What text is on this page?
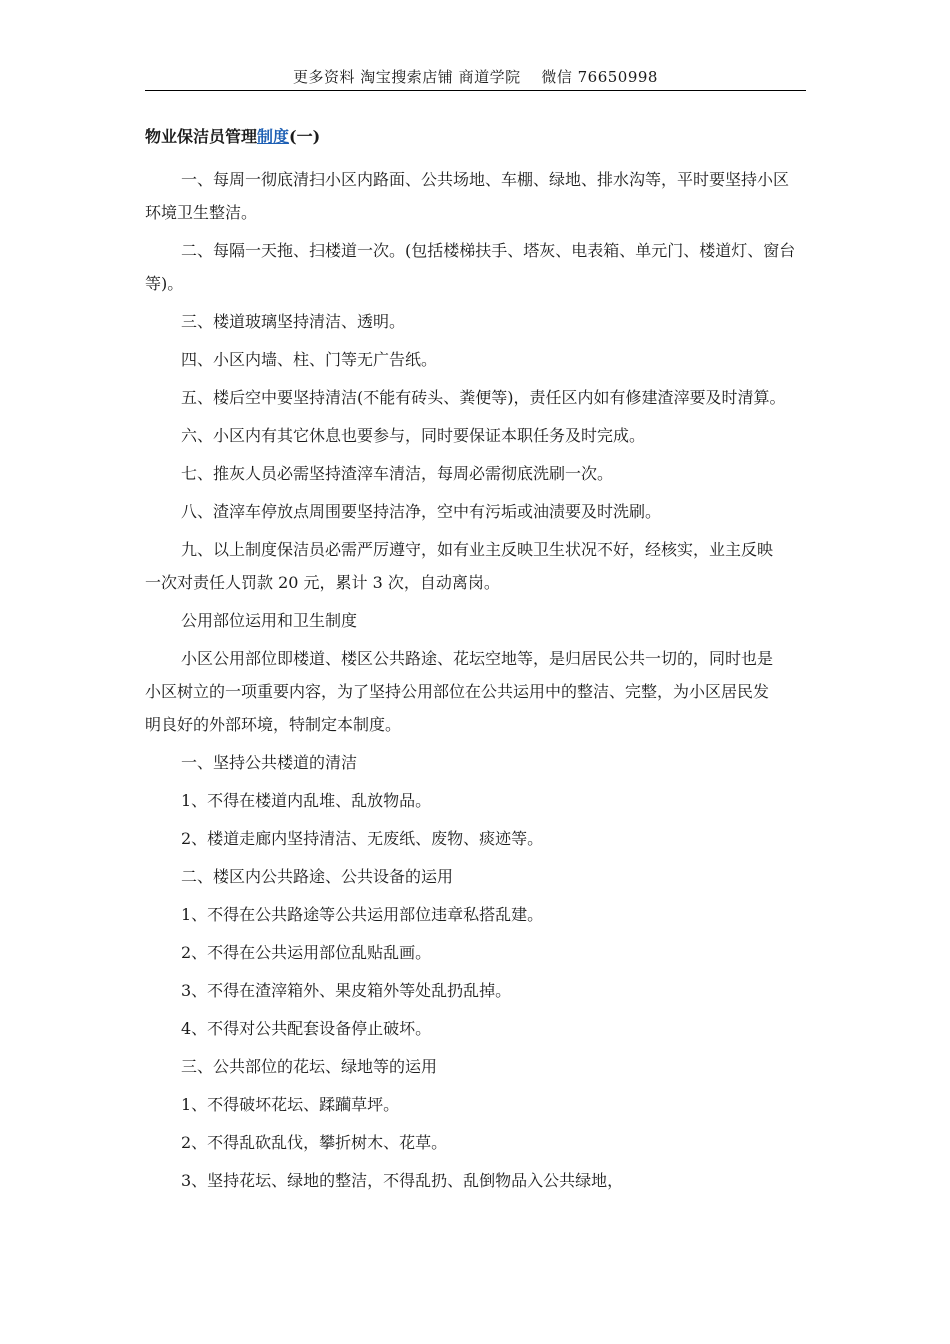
更多资料 淘宝搜索店铺 商道学院　 微信 76650998
物业保洁员管理制度(一)
一、每周一彻底清扫小区内路面、公共场地、车棚、绿地、排水沟等，平时要坚持小区
环境卫生整洁。
二、每隔一天拖、扫楼道一次。(包括楼梯扶手、塔灰、电表箱、单元门、楼道灯、窗台
等)。
三、楼道玻璃坚持清洁、透明。
四、小区内墙、柱、门等无广告纸。
五、楼后空中要坚持清洁(不能有砖头、粪便等)，责任区内如有修建渣滓要及时清算。
六、小区内有其它休息也要参与，同时要保证本职任务及时完成。
七、推灰人员必需坚持渣滓车清洁，每周必需彻底洗刷一次。
八、渣滓车停放点周围要坚持洁净，空中有污垢或油渍要及时洗刷。
九、以上制度保洁员必需严厉遵守，如有业主反映卫生状况不好，经核实，业主反映
一次对责任人罚款 20 元，累计 3 次，自动离岗。
公用部位运用和卫生制度
小区公用部位即楼道、楼区公共路途、花坛空地等，是归居民公共一切的，同时也是
小区树立的一项重要内容，为了坚持公用部位在公共运用中的整洁、完整，为小区居民发
明良好的外部环境，特制定本制度。
一、坚持公共楼道的清洁
1、不得在楼道内乱堆、乱放物品。
2、楼道走廊内坚持清洁、无废纸、废物、痰迹等。
二、楼区内公共路途、公共设备的运用
1、不得在公共路途等公共运用部位违章私搭乱建。
2、不得在公共运用部位乱贴乱画。
3、不得在渣滓箱外、果皮箱外等处乱扔乱掉。
4、不得对公共配套设备停止破坏。
三、公共部位的花坛、绿地等的运用
1、不得破坏花坛、蹂躏草坪。
2、不得乱砍乱伐，攀折树木、花草。
3、坚持花坛、绿地的整洁，不得乱扔、乱倒物品入公共绿地，
